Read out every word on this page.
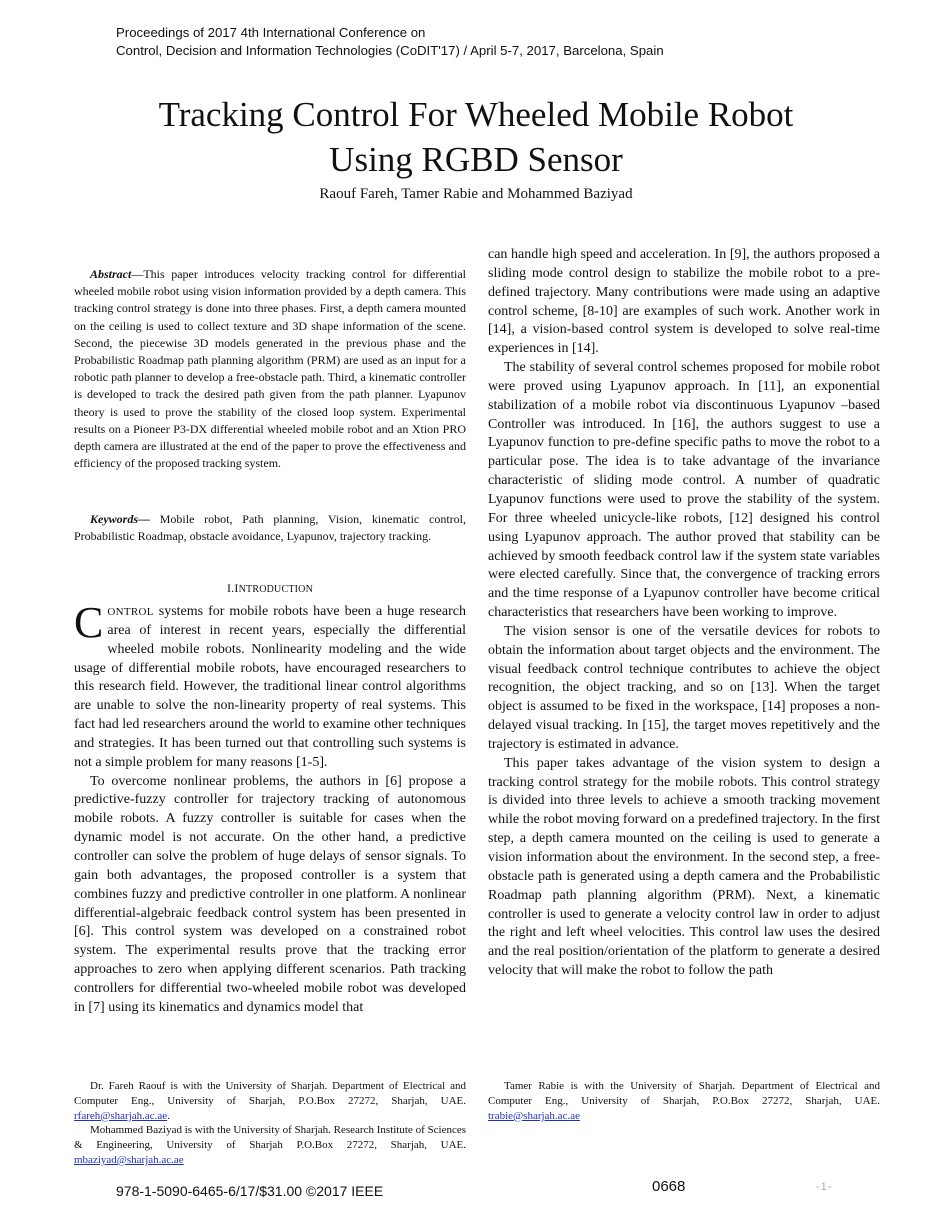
Proceedings of 2017 4th International Conference on
Control, Decision and Information Technologies (CoDIT'17) / April 5-7, 2017, Barcelona, Spain
Tracking Control For Wheeled Mobile Robot
Using RGBD Sensor
Raouf Fareh, Tamer Rabie and Mohammed Baziyad

Abstract—This paper introduces velocity tracking control for differential wheeled mobile robot using vision information provided by a depth camera. This tracking control strategy is done into three phases. First, a depth camera mounted on the ceiling is used to collect texture and 3D shape information of the scene. Second, the piecewise 3D models generated in the previous phase and the Probabilistic Roadmap path planning algorithm (PRM) are used as an input for a robotic path planner to develop a free-obstacle path. Third, a kinematic controller is developed to track the desired path given from the path planner. Lyapunov theory is used to prove the stability of the closed loop system. Experimental results on a Pioneer P3-DX differential wheeled mobile robot and an Xtion PRO depth camera are illustrated at the end of the paper to prove the effectiveness and efficiency of the proposed tracking system.

Keywords— Mobile robot, Path planning, Vision, kinematic control, Probabilistic Roadmap, obstacle avoidance, Lyapunov, trajectory tracking.

I.INTRODUCTION

CONTROL systems for mobile robots have been a huge research area of interest in recent years, especially the differential wheeled mobile robots. Nonlinearity modeling and the wide usage of differential mobile robots, have encouraged researchers to this research field. However, the traditional linear control algorithms are unable to solve the non-linearity property of real systems. This fact had led researchers around the world to examine other techniques and strategies. It has been turned out that controlling such systems is not a simple problem for many reasons [1-5].

To overcome nonlinear problems, the authors in [6] propose a predictive-fuzzy controller for trajectory tracking of autonomous mobile robots. A fuzzy controller is suitable for cases when the dynamic model is not accurate. On the other hand, a predictive controller can solve the problem of huge delays of sensor signals. To gain both advantages, the proposed controller is a system that combines fuzzy and predictive controller in one platform. A nonlinear differential-algebraic feedback control system has been presented in [6]. This control system was developed on a constrained robot system. The experimental results prove that the tracking error approaches to zero when applying different scenarios. Path tracking controllers for differential two-wheeled mobile robot was developed in [7] using its kinematics and dynamics model that

can handle high speed and acceleration. In [9], the authors proposed a sliding mode control design to stabilize the mobile robot to a pre-defined trajectory. Many contributions were made using an adaptive control scheme, [8-10] are examples of such work. Another work in [14], a vision-based control system is developed to solve real-time experiences in [14].

The stability of several control schemes proposed for mobile robot were proved using Lyapunov approach. In [11], an exponential stabilization of a mobile robot via discontinuous Lyapunov –based Controller was introduced. In [16], the authors suggest to use a Lyapunov function to pre-define specific paths to move the robot to a particular pose. The idea is to take advantage of the invariance characteristic of sliding mode control. A number of quadratic Lyapunov functions were used to prove the stability of the system. For three wheeled unicycle-like robots, [12] designed his control using Lyapunov approach. The author proved that stability can be achieved by smooth feedback control law if the system state variables were elected carefully. Since that, the convergence of tracking errors and the time response of a Lyapunov controller have become critical characteristics that researchers have been working to improve.

The vision sensor is one of the versatile devices for robots to obtain the information about target objects and the environment. The visual feedback control technique contributes to achieve the object recognition, the object tracking, and so on [13]. When the target object is assumed to be fixed in the workspace, [14] proposes a non-delayed visual tracking. In [15], the target moves repetitively and the trajectory is estimated in advance.

This paper takes advantage of the vision system to design a tracking control strategy for the mobile robots. This control strategy is divided into three levels to achieve a smooth tracking movement while the robot moving forward on a predefined trajectory. In the first step, a depth camera mounted on the ceiling is used to generate a vision information about the environment. In the second step, a free-obstacle path is generated using a depth camera and the Probabilistic Roadmap path planning algorithm (PRM). Next, a kinematic controller is used to generate a velocity control law in order to adjust the right and left wheel velocities. This control law uses the desired and the real position/orientation of the platform to generate a desired velocity that will make the robot to follow the path

Dr. Fareh Raouf is with the University of Sharjah. Department of Electrical and Computer Eng., University of Sharjah, P.O.Box 27272, Sharjah, UAE. rfareh@sharjah.ac.ae.

Mohammed Baziyad is with the University of Sharjah. Research Institute of Sciences & Engineering, University of Sharjah P.O.Box 27272, Sharjah, UAE. mbaziyad@sharjah.ac.ae

Tamer Rabie is with the University of Sharjah. Department of Electrical and Computer Eng., University of Sharjah, P.O.Box 27272, Sharjah, UAE. trabie@sharjah.ac.ae

978-1-5090-6465-6/17/$31.00 ©2017 IEEE	0668	-1-
